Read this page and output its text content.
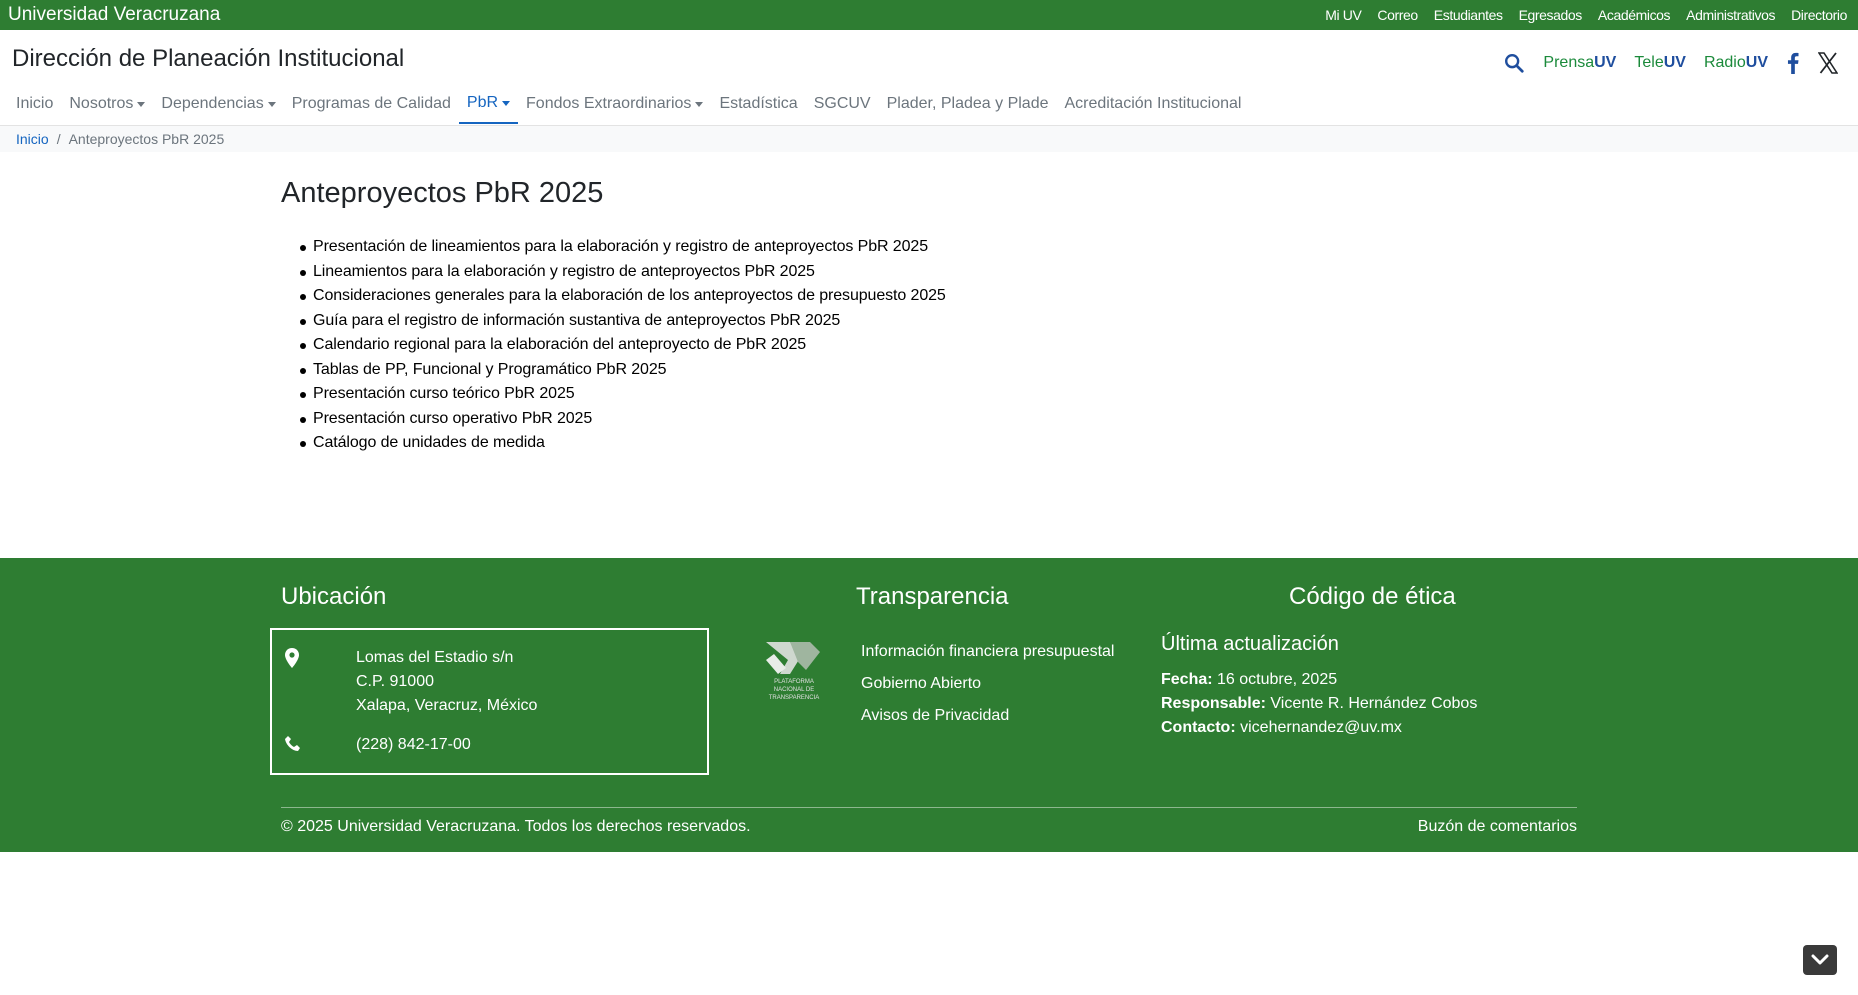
Universidad Veracruzana	Mi UV Correo Estudiantes Egresados Académicos Administrativos Directorio
Dirección de Planeación Institucional	PrensaUV TeleUV RadioUV
Inicio Nosotros Dependencias Programas de Calidad PbR Fondos Extraordinarios Estadística SGCUV Plader, Pladea y Plade Acreditación Institucional
Inicio / Anteproyectos PbR 2025
Anteproyectos PbR 2025
Presentación de lineamientos para la elaboración y registro de anteproyectos PbR 2025
Lineamientos para la elaboración y registro de anteproyectos PbR 2025
Consideraciones generales para la elaboración de los anteproyectos de presupuesto 2025
Guía para el registro de información sustantiva de anteproyectos PbR 2025
Calendario regional para la elaboración del anteproyecto de PbR 2025
Tablas de PP, Funcional y Programático PbR 2025
Presentación curso teórico PbR 2025
Presentación curso operativo PbR 2025
Catálogo de unidades de medida
Ubicación	Transparencia	Código de ética
Lomas del Estadio s/n
C.P. 91000
Xalapa, Veracruz, México
(228) 842-17-00
PLATAFORMA
NACIONAL DE
TRANSPARENCIA
Información financiera presupuestal
Gobierno Abierto
Avisos de Privacidad
Última actualización
Fecha: 16 octubre, 2025
Responsable: Vicente R. Hernández Cobos
Contacto: vicehernandez@uv.mx
© 2025 Universidad Veracruzana. Todos los derechos reservados.	Buzón de comentarios
